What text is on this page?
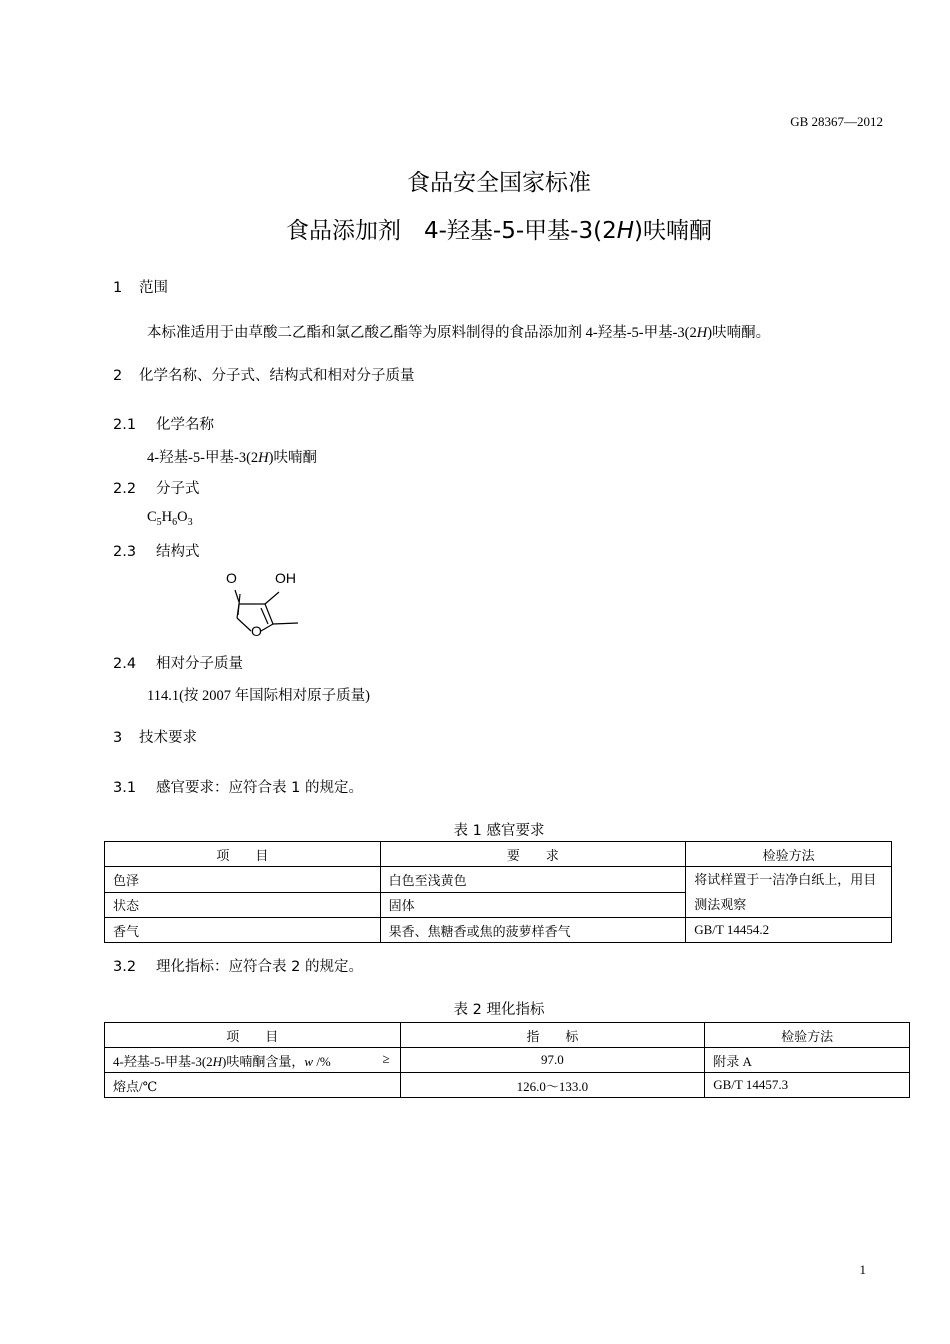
GB 28367—2012
食品安全国家标准
食品添加剂　4-羟基-5-甲基-3(2H)呋喃酮
1 范围
本标准适用于由草酸二乙酯和氯乙酸乙酯等为原料制得的食品添加剂 4-羟基-5-甲基-3(2H)呋喃酮。
2 化学名称、分子式、结构式和相对分子质量
2.1 化学名称
4-羟基-5-甲基-3(2H)呋喃酮
2.2 分子式
$C_5H_6O_3$
2.3 结构式
O	OH
O
2.4 相对分子质量
114.1(按 2007 年国际相对原子质量)
3 技术要求
3.1 感官要求：应符合表 1 的规定。
表 1 感官要求
项　　目	要　　求	检验方法
色泽	白色至浅黄色	将试样置于一洁净白纸上，用目测法观察
状态	固体	
香气	果香、焦糖香或焦的菠萝样香气	GB/T 14454.2
3.2 理化指标：应符合表 2 的规定。
表 2 理化指标
项　　目	指　　标	检验方法
4-羟基-5-甲基-3(2H)呋喃酮含量，w /% ≥	97.0	附录 A
熔点/℃	126.0～133.0	GB/T 14457.3
1
